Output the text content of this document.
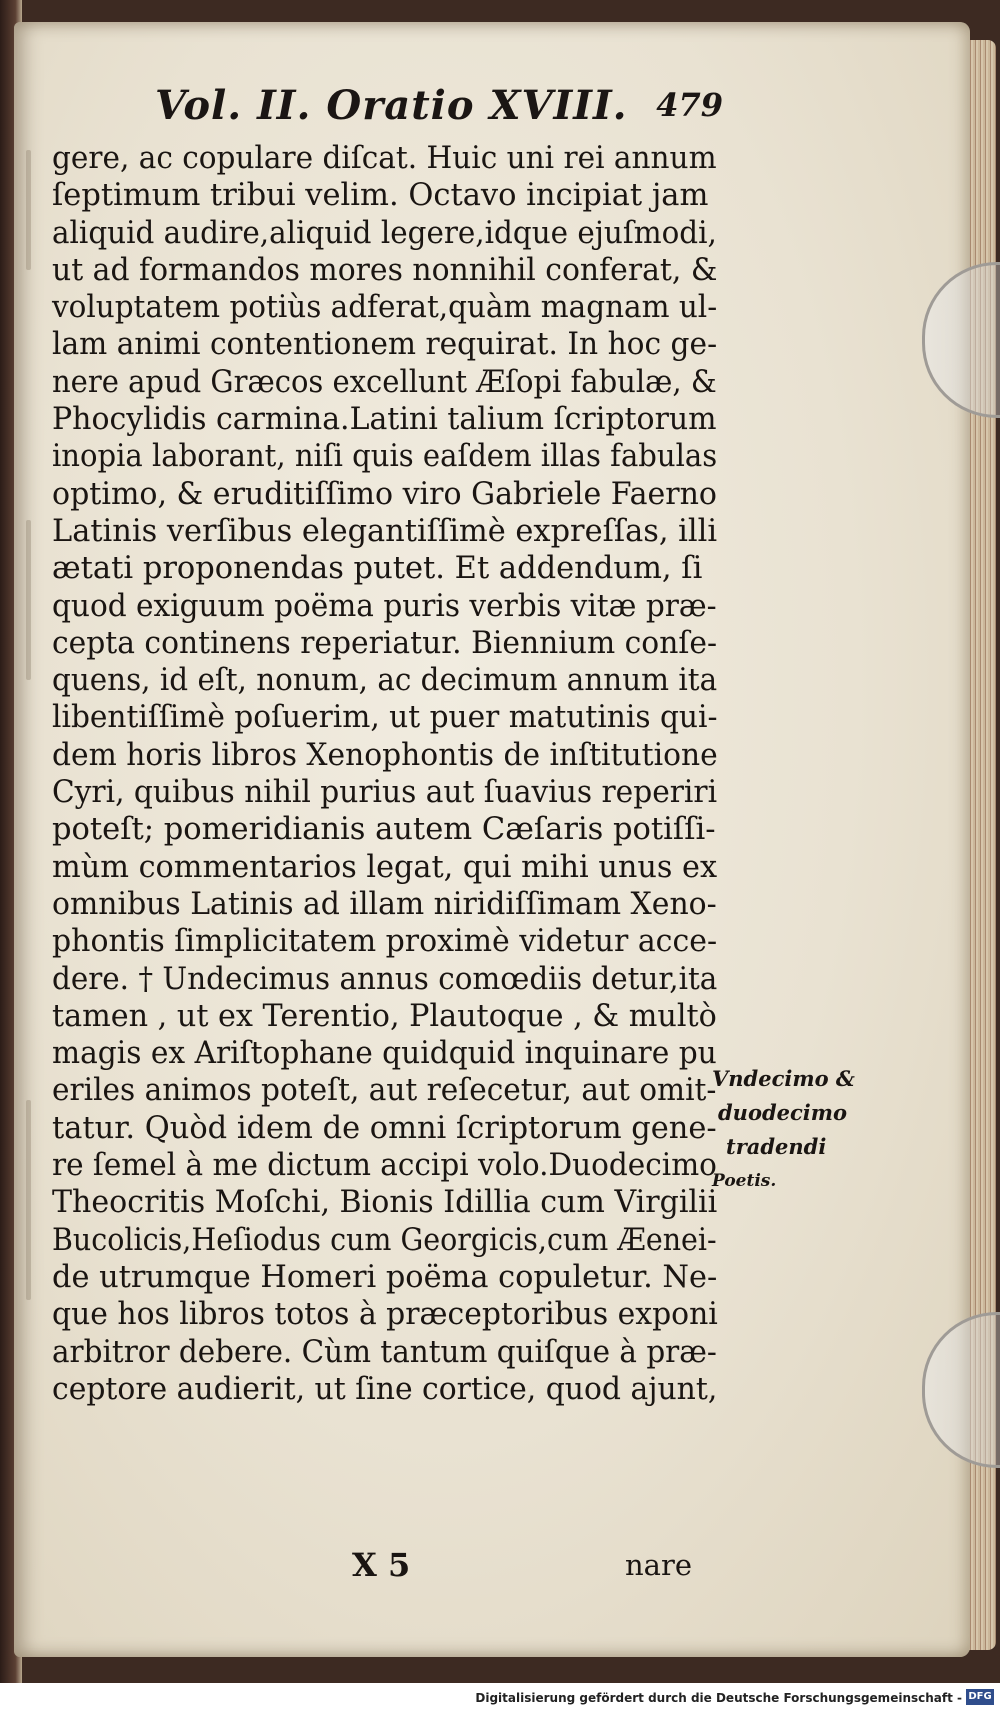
Vol. II. Oratio XVIII. 479
gere, ac copulare diſcat. Huic uni rei annum
ſeptimum tribui velim. Octavo incipiat jam
aliquid audire,aliquid legere,idque ejuſmodi,
ut ad formandos mores nonnihil conferat, &
voluptatem potiùs adferat,quàm magnam ul-
lam animi contentionem requirat. In hoc ge-
nere apud Græcos excellunt Æſopi fabulæ, &
Phocylidis carmina.Latini talium ſcriptorum
inopia laborant, niſi quis eaſdem illas fabulas
optimo, & eruditiſſimo viro Gabriele Faerno
Latinis verſibus elegantiſſimè expreſſas, illi
ætati proponendas putet. Et addendum, ſi
quod exiguum poëma puris verbis vitæ præ-
cepta continens reperiatur. Biennium conſe-
quens, id eſt, nonum, ac decimum annum ita
libentiſſimè poſuerim, ut puer matutinis qui-
dem horis libros Xenophontis de inſtitutione
Cyri, quibus nihil purius aut ſuavius reperiri
poteſt; pomeridianis autem Cæſaris potiſſi-
mùm commentarios legat, qui mihi unus ex
omnibus Latinis ad illam niridiſſimam Xeno-
phontis ſimplicitatem proximè videtur acce-
dere. † Undecimus annus comœdiis detur,ita
tamen , ut ex Terentio, Plautoque , & multò
magis ex Ariſtophane quidquid inquinare pu
eriles animos poteſt, aut reſecetur, aut omit-
tatur. Quòd idem de omni ſcriptorum gene-
re ſemel à me dictum accipi volo.Duodecimo
Theocritis Moſchi, Bionis Idillia cum Virgilii
Bucolicis,Heſiodus cum Georgicis,cum Æenei-
de utrumque Homeri poëma copuletur. Ne-
que hos libros totos à præceptoribus exponi
arbitror debere. Cùm tantum quiſque à præ-
ceptore audierit, ut ſine cortice, quod ajunt,
Vndecimo &
duodecimo
tradendi
Poetis.
X 5	nare
Digitalisierung gefördert durch die Deutsche Forschungsgemeinschaft - DFG
